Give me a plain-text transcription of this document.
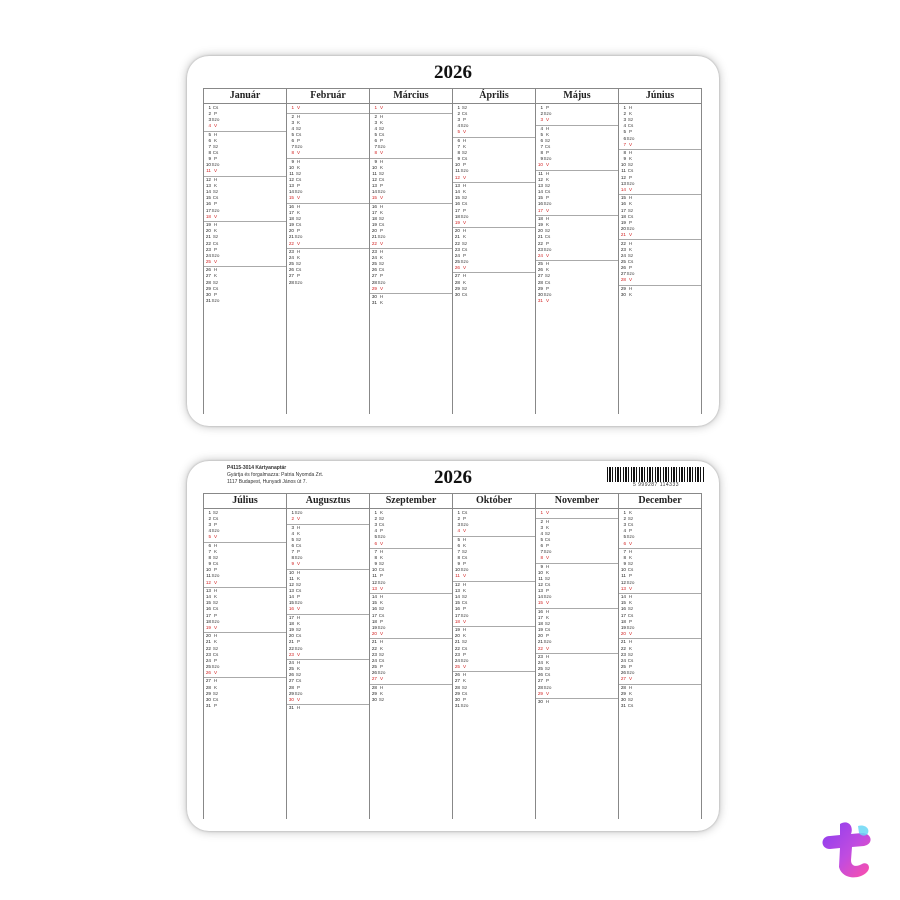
2026
Január
1 Cs
2 P
3 Szo
4 V
5 H
6 K
7 Sz
8 Cs
9 P
10 Szo
11 V
12 H
13 K
14 Sz
15 Cs
16 P
17 Szo
18 V
19 H
20 K
21 Sz
22 Cs
23 P
24 Szo
25 V
26 H
27 K
28 Sz
29 Cs
30 P
31 Szo
Február
1 V
2 H
3 K
4 Sz
5 Cs
6 P
7 Szo
8 V
9 H
10 K
11 Sz
12 Cs
13 P
14 Szo
15 V
16 H
17 K
18 Sz
19 Cs
20 P
21 Szo
22 V
23 H
24 K
25 Sz
26 Cs
27 P
28 Szo
Március
1 V
2 H
3 K
4 Sz
5 Cs
6 P
7 Szo
8 V
9 H
10 K
11 Sz
12 Cs
13 P
14 Szo
15 V
16 H
17 K
18 Sz
19 Cs
20 P
21 Szo
22 V
23 H
24 K
25 Sz
26 Cs
27 P
28 Szo
29 V
30 H
31 K
Április
1 Sz
2 Cs
3 P
4 Szo
5 V
6 H
7 K
8 Sz
9 Cs
10 P
11 Szo
12 V
13 H
14 K
15 Sz
16 Cs
17 P
18 Szo
19 V
20 H
21 K
22 Sz
23 Cs
24 P
25 Szo
26 V
27 H
28 K
29 Sz
30 Cs
Május
1 P
2 Szo
3 V
4 H
5 K
6 Sz
7 Cs
8 P
9 Szo
10 V
11 H
12 K
13 Sz
14 Cs
15 P
16 Szo
17 V
18 H
19 K
20 Sz
21 Cs
22 P
23 Szo
24 V
25 H
26 K
27 Sz
28 Cs
29 P
30 Szo
31 V
Június
1 H
2 K
3 Sz
4 Cs
5 P
6 Szo
7 V
8 H
9 K
10 Sz
11 Cs
12 P
13 Szo
14 V
15 H
16 K
17 Sz
18 Cs
19 P
20 Szo
21 V
22 H
23 K
24 Sz
25 Cs
26 P
27 Szo
28 V
29 H
30 K
P4115-3014 Kártyanaptár
Gyártja és forgalmazza: Patria Nyomda Zrt.
1117 Budapest, Hunyadi János út 7.	2026	5 999287 114333
Július
1 Sz
2 Cs
3 P
4 Szo
5 V
6 H
7 K
8 Sz
9 Cs
10 P
11 Szo
12 V
13 H
14 K
15 Sz
16 Cs
17 P
18 Szo
19 V
20 H
21 K
22 Sz
23 Cs
24 P
25 Szo
26 V
27 H
28 K
29 Sz
30 Cs
31 P
Augusztus
1 Szo
2 V
3 H
4 K
5 Sz
6 Cs
7 P
8 Szo
9 V
10 H
11 K
12 Sz
13 Cs
14 P
15 Szo
16 V
17 H
18 K
19 Sz
20 Cs
21 P
22 Szo
23 V
24 H
25 K
26 Sz
27 Cs
28 P
29 Szo
30 V
31 H
Szeptember
1 K
2 Sz
3 Cs
4 P
5 Szo
6 V
7 H
8 K
9 Sz
10 Cs
11 P
12 Szo
13 V
14 H
15 K
16 Sz
17 Cs
18 P
19 Szo
20 V
21 H
22 K
23 Sz
24 Cs
25 P
26 Szo
27 V
28 H
29 K
30 Sz
Október
1 Cs
2 P
3 Szo
4 V
5 H
6 K
7 Sz
8 Cs
9 P
10 Szo
11 V
12 H
13 K
14 Sz
15 Cs
16 P
17 Szo
18 V
19 H
20 K
21 Sz
22 Cs
23 P
24 Szo
25 V
26 H
27 K
28 Sz
29 Cs
30 P
31 Szo
November
1 V
2 H
3 K
4 Sz
5 Cs
6 P
7 Szo
8 V
9 H
10 K
11 Sz
12 Cs
13 P
14 Szo
15 V
16 H
17 K
18 Sz
19 Cs
20 P
21 Szo
22 V
23 H
24 K
25 Sz
26 Cs
27 P
28 Szo
29 V
30 H
December
1 K
2 Sz
3 Cs
4 P
5 Szo
6 V
7 H
8 K
9 Sz
10 Cs
11 P
12 Szo
13 V
14 H
15 K
16 Sz
17 Cs
18 P
19 Szo
20 V
21 H
22 K
23 Sz
24 Cs
25 P
26 Szo
27 V
28 H
29 K
30 Sz
31 Cs
